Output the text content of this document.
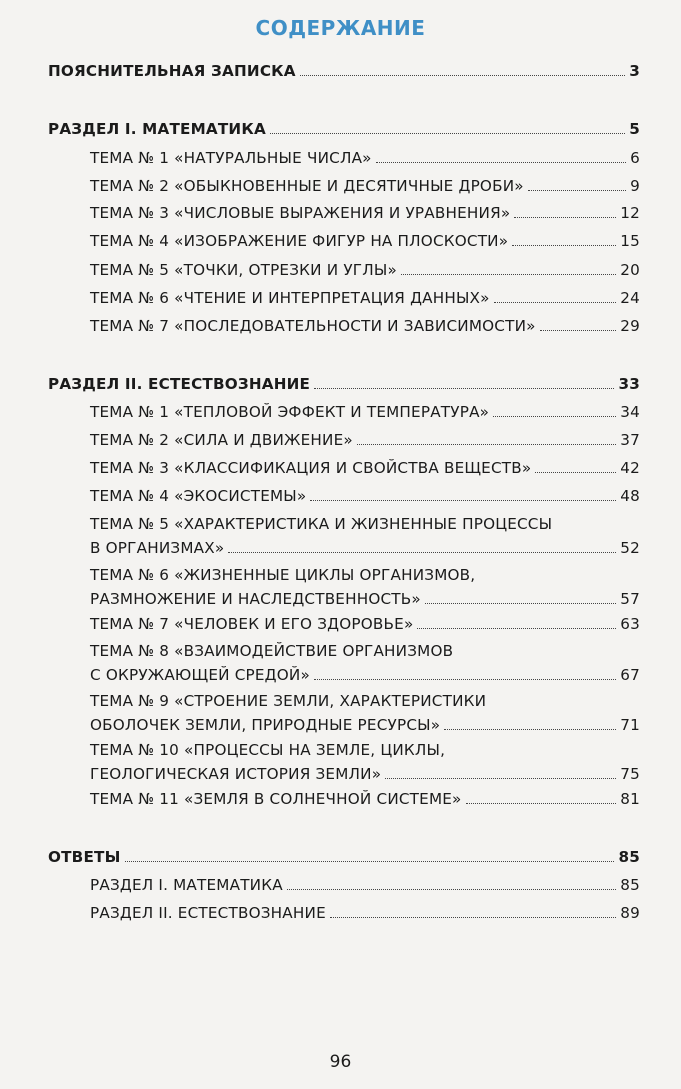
СОДЕРЖАНИЕ
ПОЯСНИТЕЛЬНАЯ ЗАПИСКА	3
РАЗДЕЛ I. МАТЕМАТИКА	5
ТЕМА № 1 «НАТУРАЛЬНЫЕ ЧИСЛА»	6
ТЕМА № 2 «ОБЫКНОВЕННЫЕ И ДЕСЯТИЧНЫЕ ДРОБИ»	9
ТЕМА № 3 «ЧИСЛОВЫЕ ВЫРАЖЕНИЯ И УРАВНЕНИЯ»	12
ТЕМА № 4 «ИЗОБРАЖЕНИЕ ФИГУР НА ПЛОСКОСТИ»	15
ТЕМА № 5 «ТОЧКИ, ОТРЕЗКИ И УГЛЫ»	20
ТЕМА № 6 «ЧТЕНИЕ И ИНТЕРПРЕТАЦИЯ ДАННЫХ»	24
ТЕМА № 7 «ПОСЛЕДОВАТЕЛЬНОСТИ И ЗАВИСИМОСТИ»	29
РАЗДЕЛ II. ЕСТЕСТВОЗНАНИЕ	33
ТЕМА № 1 «ТЕПЛОВОЙ ЭФФЕКТ И ТЕМПЕРАТУРА»	34
ТЕМА № 2 «СИЛА И ДВИЖЕНИЕ»	37
ТЕМА № 3 «КЛАССИФИКАЦИЯ И СВОЙСТВА ВЕЩЕСТВ»	42
ТЕМА № 4 «ЭКОСИСТЕМЫ»	48
ТЕМА № 5 «ХАРАКТЕРИСТИКА И ЖИЗНЕННЫЕ ПРОЦЕССЫ
В ОРГАНИЗМАХ»	52
ТЕМА № 6 «ЖИЗНЕННЫЕ ЦИКЛЫ ОРГАНИЗМОВ,
РАЗМНОЖЕНИЕ И НАСЛЕДСТВЕННОСТЬ»	57
ТЕМА № 7 «ЧЕЛОВЕК И ЕГО ЗДОРОВЬЕ»	63
ТЕМА № 8 «ВЗАИМОДЕЙСТВИЕ ОРГАНИЗМОВ
С ОКРУЖАЮЩЕЙ СРЕДОЙ»	67
ТЕМА № 9 «СТРОЕНИЕ ЗЕМЛИ, ХАРАКТЕРИСТИКИ
ОБОЛОЧЕК ЗЕМЛИ, ПРИРОДНЫЕ РЕСУРСЫ»	71
ТЕМА № 10 «ПРОЦЕССЫ НА ЗЕМЛЕ, ЦИКЛЫ,
ГЕОЛОГИЧЕСКАЯ ИСТОРИЯ ЗЕМЛИ»	75
ТЕМА № 11 «ЗЕМЛЯ В СОЛНЕЧНОЙ СИСТЕМЕ»	81
ОТВЕТЫ	85
РАЗДЕЛ I. МАТЕМАТИКА	85
РАЗДЕЛ II. ЕСТЕСТВОЗНАНИЕ	89
96
